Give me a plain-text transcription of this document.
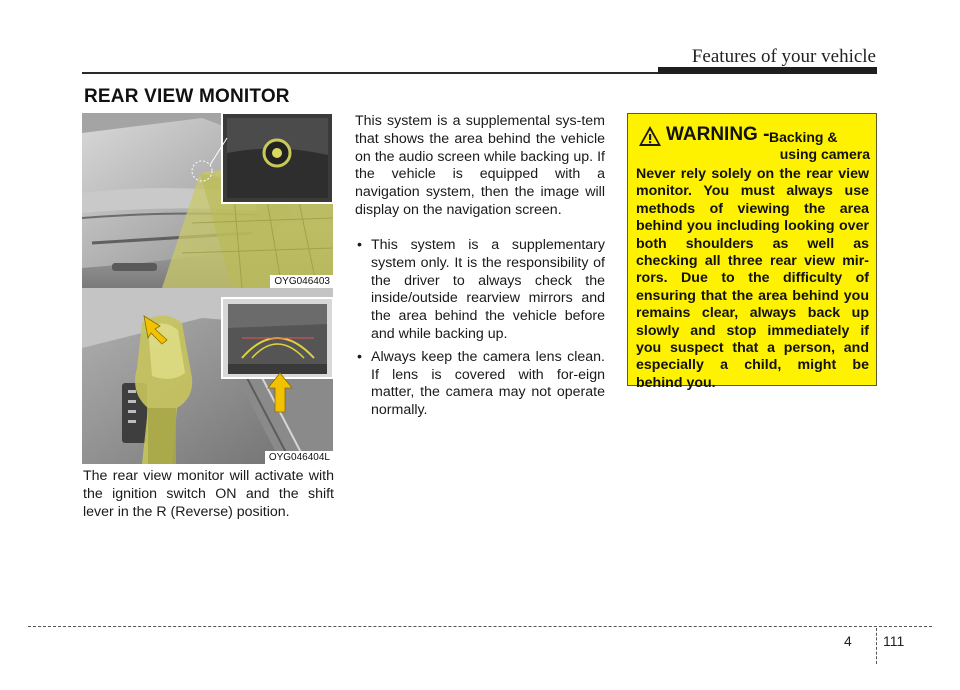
Features of your vehicle
REAR VIEW MONITOR
OYG046403
OYG046404L

The rear view monitor will activate with the ignition switch ON and the shift lever in the R (Reverse) position.

This system is a supplemental sys-tem that shows the area behind the vehicle on the audio screen while backing up. If the vehicle is equipped with a navigation system, then the image will display on the navigation screen.

• This system is a supplementary system only. It is the responsibility of the driver to always check the inside/outside rearview mirrors and the area behind the vehicle before and while backing up.
• Always keep the camera lens clean. If lens is covered with for-eign matter, the camera may not operate normally.
WARNING - Backing &
using camera
Never rely solely on the rear view monitor. You must always use methods of viewing the area behind you including looking over both shoulders as well as checking all three rear view mir-rors. Due to the difficulty of ensuring that the area behind you remains clear, always back up slowly and stop immediately if you suspect that a person, and especially a child, might be behind you.
4 111
